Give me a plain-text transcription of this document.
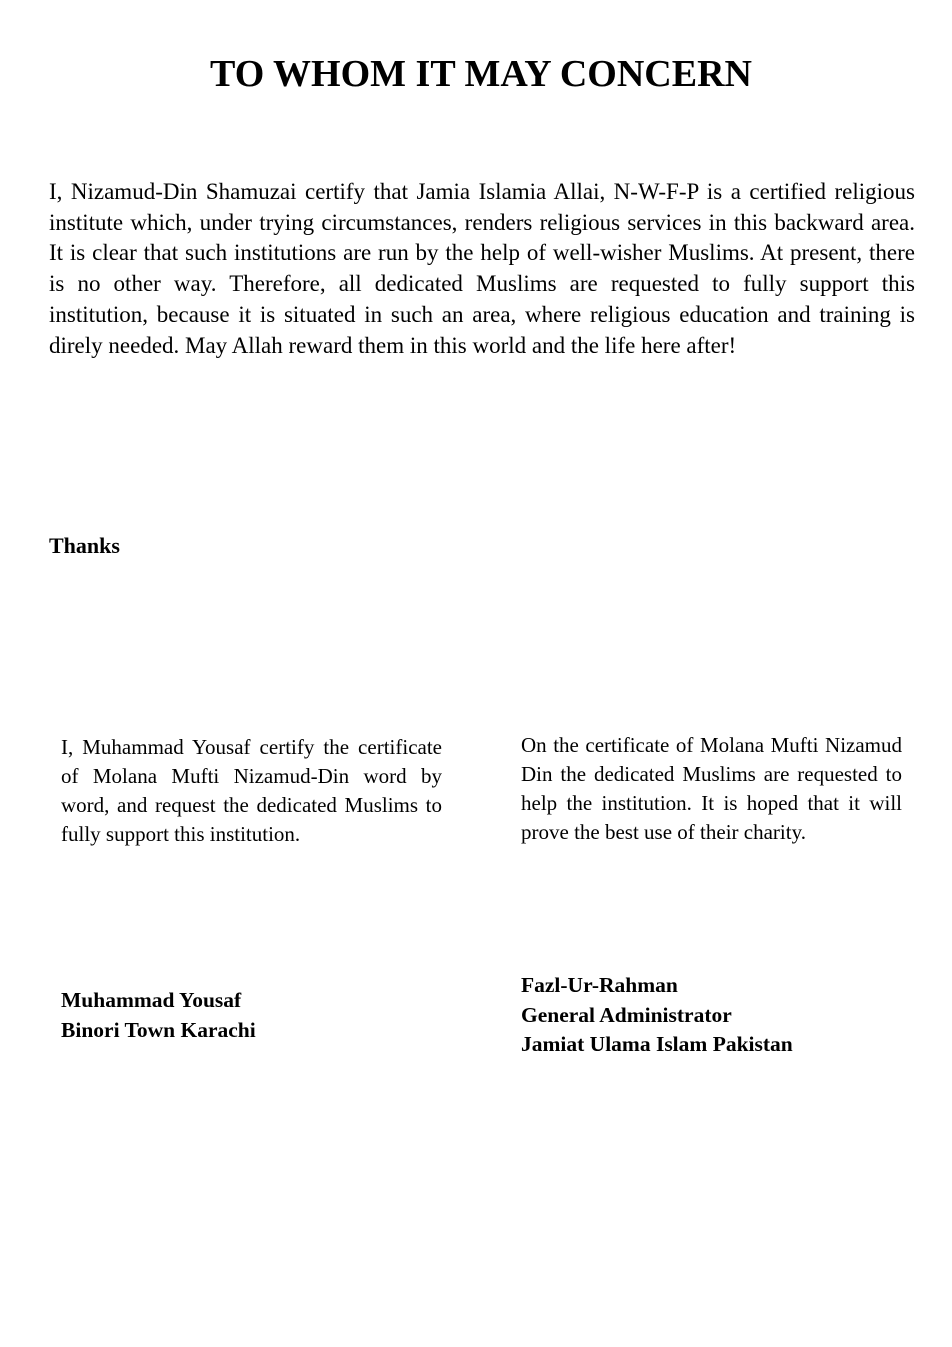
TO WHOM IT MAY CONCERN

I, Nizamud-Din Shamuzai certify that Jamia Islamia Allai, N-W-F-P is a certified religious institute which, under trying circumstances, renders religious services in this backward area. It is clear that such institutions are run by the help of well-wisher Muslims. At present, there is no other way. Therefore, all dedicated Muslims are requested to fully support this institution, because it is situated in such an area, where religious education and training is direly needed. May Allah reward them in this world and the life here after!

Thanks

I, Muhammad Yousaf certify the certificate of Molana Mufti Nizamud-Din word by word, and request the dedicated Muslims to fully support this institution.

On the certificate of Molana Mufti Nizamud Din the dedicated Muslims are requested to help the institution. It is hoped that it will prove the best use of their charity.

Muhammad Yousaf
Binori Town Karachi
Fazl-Ur-Rahman
General Administrator
Jamiat Ulama Islam Pakistan
